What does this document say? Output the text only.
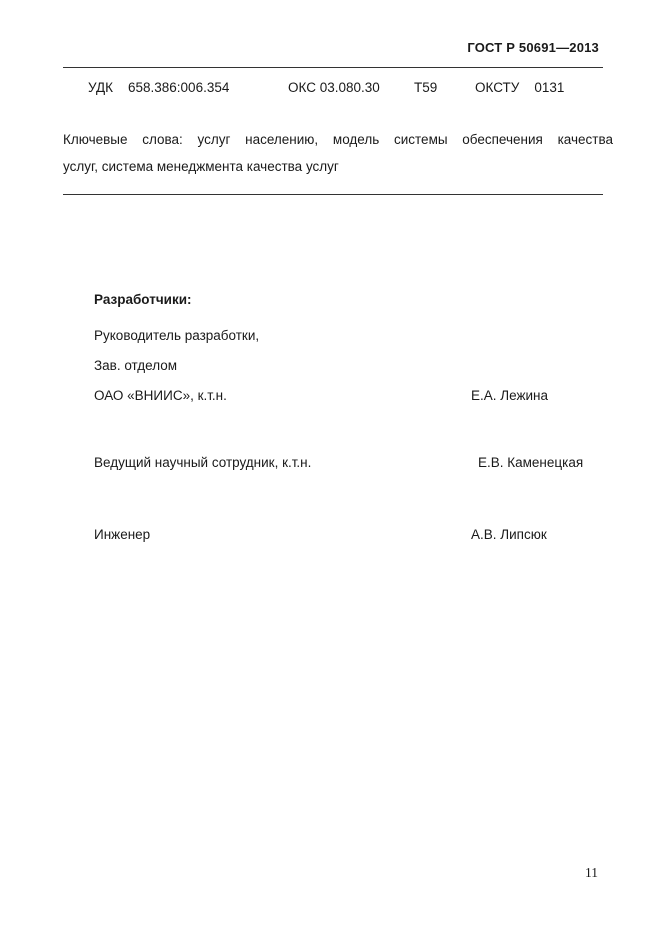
ГОСТ Р 50691—2013
УДК 658.386:006.354	ОКС 03.080.30	Т59	ОКСТУ 0131
Ключевые слова: услуг населению, модель системы обеспечения качества
услуг, система менеджмента качества услуг
Разработчики:
Руководитель разработки,
Зав. отделом
ОАО «ВНИИС», к.т.н.	Е.А. Лежина
Ведущий научный сотрудник, к.т.н.	Е.В. Каменецкая
Инженер	А.В. Липсюк
11
